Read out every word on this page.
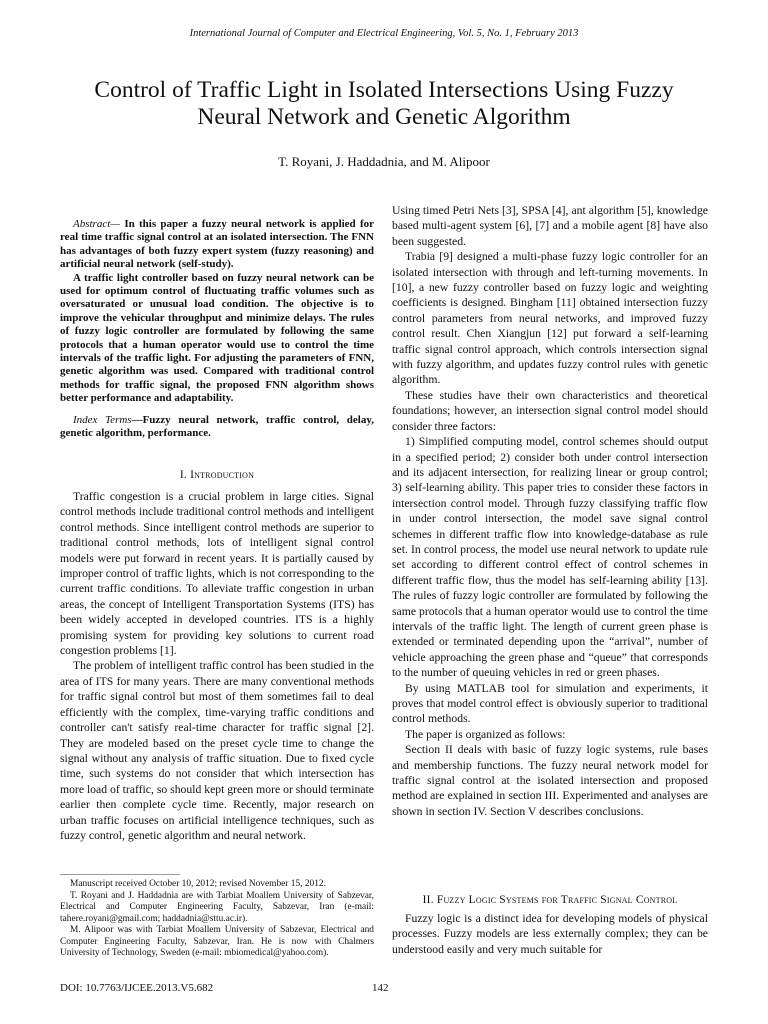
International Journal of Computer and Electrical Engineering, Vol. 5, No. 1, February 2013
Control of Traffic Light in Isolated Intersections Using Fuzzy Neural Network and Genetic Algorithm
T. Royani, J. Haddadnia, and M. Alipoor

Abstract— In this paper a fuzzy neural network is applied for real time traffic signal control at an isolated intersection. The FNN has advantages of both fuzzy expert system (fuzzy reasoning) and artificial neural network (self-study).

A traffic light controller based on fuzzy neural network can be used for optimum control of fluctuating traffic volumes such as oversaturated or unusual load condition. The objective is to improve the vehicular throughput and minimize delays. The rules of fuzzy logic controller are formulated by following the same protocols that a human operator would use to control the time intervals of the traffic light. For adjusting the parameters of FNN, genetic algorithm was used. Compared with traditional control methods for traffic signal, the proposed FNN algorithm shows better performance and adaptability.

Index Terms—Fuzzy neural network, traffic control, delay, genetic algorithm, performance.

I. Introduction

Traffic congestion is a crucial problem in large cities. Signal control methods include traditional control methods and intelligent control methods. Since intelligent control methods are superior to traditional control methods, lots of intelligent signal control models were put forward in recent years. It is partially caused by improper control of traffic lights, which is not corresponding to the current traffic conditions. To alleviate traffic congestion in urban areas, the concept of Intelligent Transportation Systems (ITS) has been widely accepted in developed countries. ITS is a highly promising system for providing key solutions to current road congestion problems [1].

The problem of intelligent traffic control has been studied in the area of ITS for many years. There are many conventional methods for traffic signal control but most of them sometimes fail to deal efficiently with the complex, time-varying traffic conditions and controller can't satisfy real-time character for traffic signal [2]. They are modeled based on the preset cycle time to change the signal without any analysis of traffic situation. Due to fixed cycle time, such systems do not consider that which intersection has more load of traffic, so should kept green more or should terminate earlier then complete cycle time. Recently, major research on urban traffic focuses on artificial intelligence techniques, such as fuzzy control, genetic algorithm and neural network.

Manuscript received October 10, 2012; revised November 15, 2012.

T. Royani and J. Haddadnia are with Tarbiat Moallem University of Sabzevar, Electrical and Computer Engineering Faculty, Sabzevar, Iran (e-mail: tahere.royani@gmail.com; haddadnia@sttu.ac.ir).

M. Alipoor was with Tarbiat Moallem University of Sabzevar, Electrical and Computer Engineering Faculty, Sabzevar, Iran. He is now with Chalmers University of Technology, Sweden (e-mail: mbiomedical@yahoo.com).

Using timed Petri Nets [3], SPSA [4], ant algorithm [5], knowledge based multi-agent system [6], [7] and a mobile agent [8] have also been suggested.

Trabia [9] designed a multi-phase fuzzy logic controller for an isolated intersection with through and left-turning movements. In [10], a new fuzzy controller based on fuzzy logic and weighting coefficients is designed. Bingham [11] obtained intersection fuzzy control parameters from neural networks, and improved fuzzy control result. Chen Xiangjun [12] put forward a self-learning traffic signal control approach, which controls intersection signal with fuzzy algorithm, and updates fuzzy control rules with genetic algorithm.

These studies have their own characteristics and theoretical foundations; however, an intersection signal control model should consider three factors:

1) Simplified computing model, control schemes should output in a specified period; 2) consider both under control intersection and its adjacent intersection, for realizing linear or group control; 3) self-learning ability. This paper tries to consider these factors in intersection control model. Through fuzzy classifying traffic flow in under control intersection, the model save signal control schemes in different traffic flow into knowledge-database as rule set. In control process, the model use neural network to update rule set according to different control effect of control schemes in different traffic flow, thus the model has self-learning ability [13]. The rules of fuzzy logic controller are formulated by following the same protocols that a human operator would use to control the time intervals of the traffic light. The length of current green phase is extended or terminated depending upon the “arrival”, number of vehicle approaching the green phase and “queue” that corresponds to the number of queuing vehicles in red or green phases.

By using MATLAB tool for simulation and experiments, it proves that model control effect is obviously superior to traditional control methods.

The paper is organized as follows:

Section II deals with basic of fuzzy logic systems, rule bases and membership functions. The fuzzy neural network model for traffic signal control at the isolated intersection and proposed method are explained in section III. Experimented and analyses are shown in section IV. Section V describes conclusions.

II. Fuzzy Logic Systems for Traffic Signal Control

Fuzzy logic is a distinct idea for developing models of physical processes. Fuzzy models are less externally complex; they can be understood easily and very much suitable for

DOI: 10.7763/IJCEE.2013.V5.682	142
